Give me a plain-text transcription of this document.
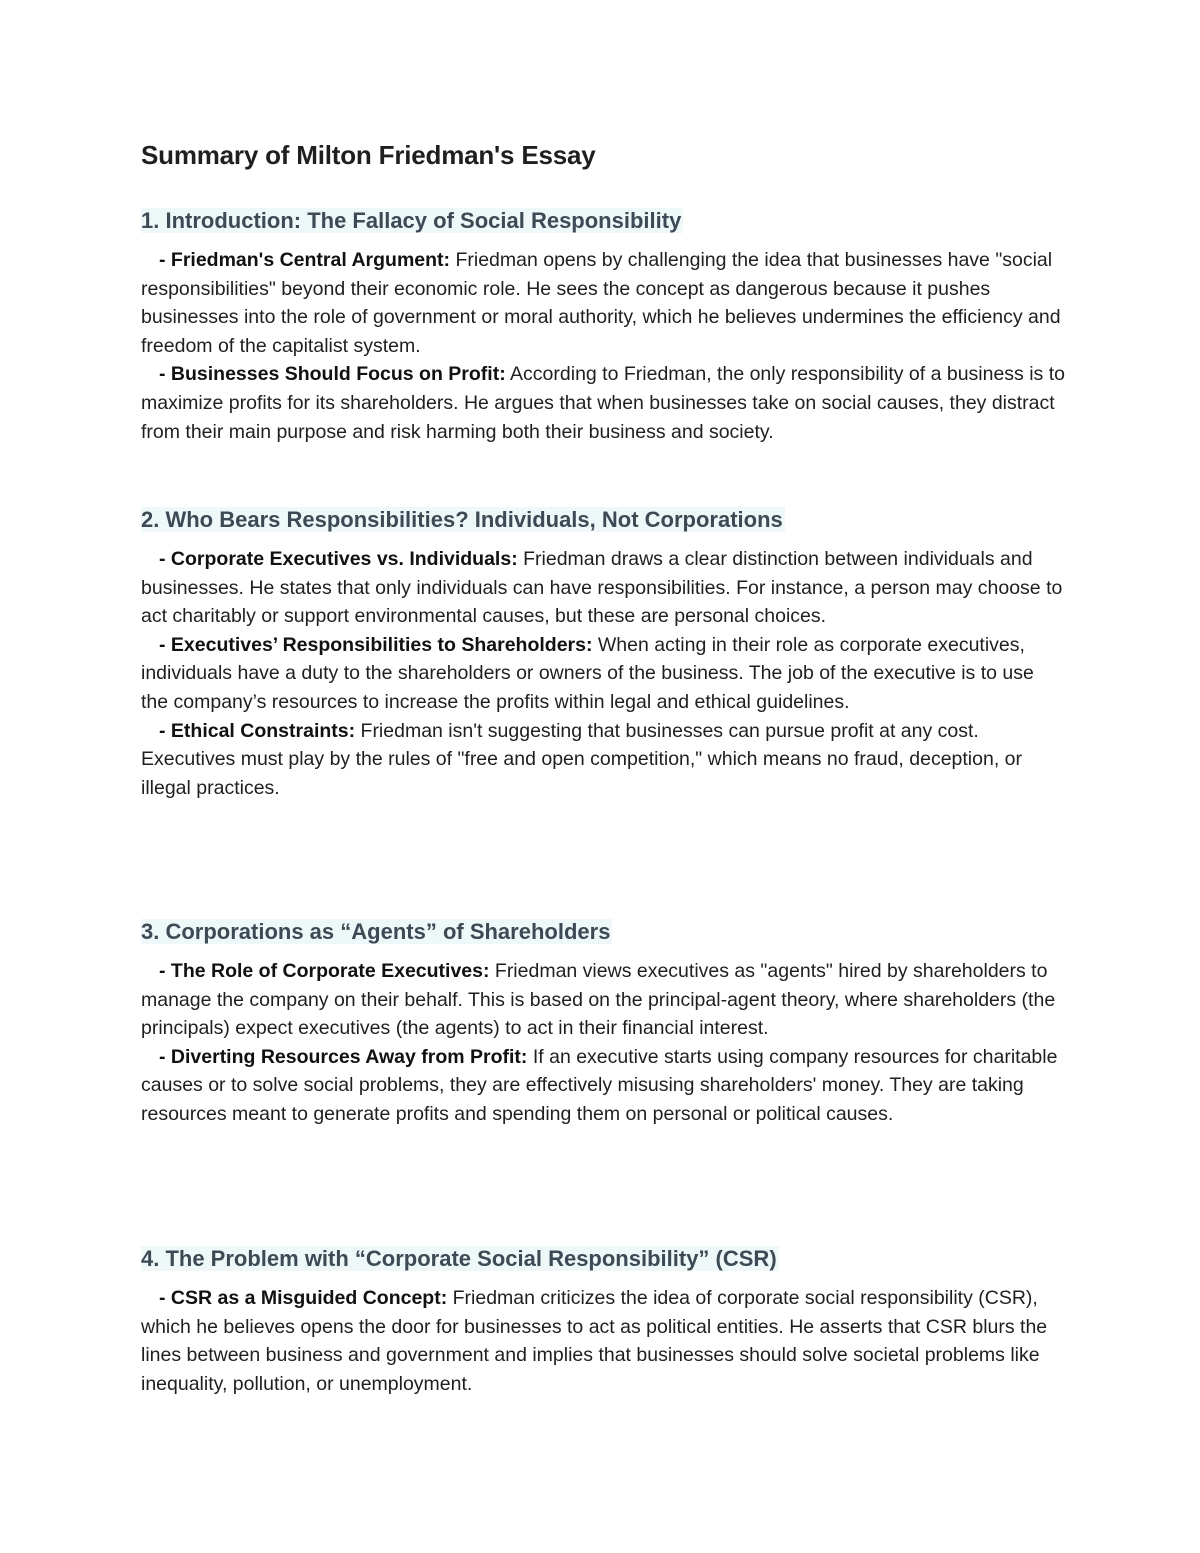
Summary of Milton Friedman's Essay
1. Introduction: The Fallacy of Social Responsibility

- Friedman's Central Argument: Friedman opens by challenging the idea that businesses have "social responsibilities" beyond their economic role. He sees the concept as dangerous because it pushes businesses into the role of government or moral authority, which he believes undermines the efficiency and freedom of the capitalist system.

- Businesses Should Focus on Profit: According to Friedman, the only responsibility of a business is to maximize profits for its shareholders. He argues that when businesses take on social causes, they distract from their main purpose and risk harming both their business and society.

2. Who Bears Responsibilities? Individuals, Not Corporations

- Corporate Executives vs. Individuals: Friedman draws a clear distinction between individuals and businesses. He states that only individuals can have responsibilities. For instance, a person may choose to act charitably or support environmental causes, but these are personal choices.

- Executives’ Responsibilities to Shareholders: When acting in their role as corporate executives, individuals have a duty to the shareholders or owners of the business. The job of the executive is to use the company’s resources to increase the profits within legal and ethical guidelines.

- Ethical Constraints: Friedman isn't suggesting that businesses can pursue profit at any cost. Executives must play by the rules of "free and open competition," which means no fraud, deception, or illegal practices.

3. Corporations as “Agents” of Shareholders

- The Role of Corporate Executives: Friedman views executives as "agents" hired by shareholders to manage the company on their behalf. This is based on the principal-agent theory, where shareholders (the principals) expect executives (the agents) to act in their financial interest.

- Diverting Resources Away from Profit: If an executive starts using company resources for charitable causes or to solve social problems, they are effectively misusing shareholders' money. They are taking resources meant to generate profits and spending them on personal or political causes.

4. The Problem with “Corporate Social Responsibility” (CSR)

- CSR as a Misguided Concept: Friedman criticizes the idea of corporate social responsibility (CSR), which he believes opens the door for businesses to act as political entities. He asserts that CSR blurs the lines between business and government and implies that businesses should solve societal problems like inequality, pollution, or unemployment.
